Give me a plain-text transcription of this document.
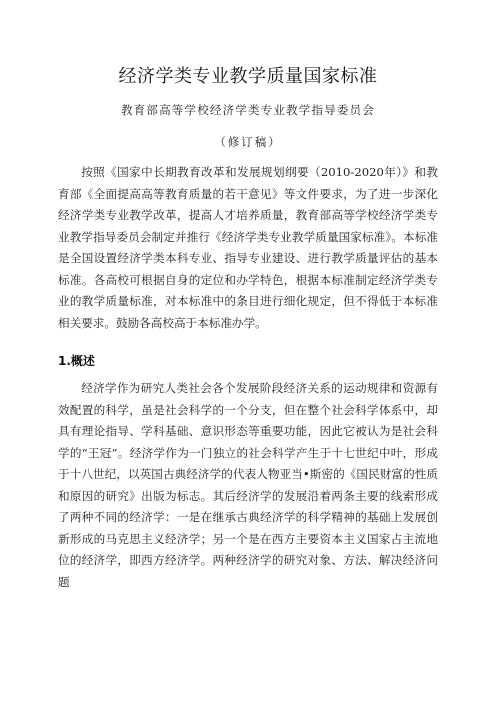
经济学类专业教学质量国家标准
教育部高等学校经济学类专业教学指导委员会
（修订稿）

按照《国家中长期教育改革和发展规划纲要（2010-2020年）》和教育部《全面提高高等教育质量的若干意见》等文件要求，为了进一步深化经济学类专业教学改革，提高人才培养质量，教育部高等学校经济学类专业教学指导委员会制定并推行《经济学类专业教学质量国家标准》。本标准是全国设置经济学类本科专业、指导专业建设、进行教学质量评估的基本标准。各高校可根据自身的定位和办学特色，根据本标准制定经济学类专业的教学质量标准，对本标准中的条目进行细化规定，但不得低于本标准相关要求。鼓励各高校高于本标准办学。

1.概述

经济学作为研究人类社会各个发展阶段经济关系的运动规律和资源有效配置的科学，虽是社会科学的一个分支，但在整个社会科学体系中，却具有理论指导、学科基础、意识形态等重要功能，因此它被认为是社会科学的“王冠”。经济学作为一门独立的社会科学产生于十七世纪中叶，形成于十八世纪，以英国古典经济学的代表人物亚当•斯密的《国民财富的性质和原因的研究》出版为标志。其后经济学的发展沿着两条主要的线索形成了两种不同的经济学：一是在继承古典经济学的科学精神的基础上发展创新形成的马克思主义经济学；另一个是在西方主要资本主义国家占主流地位的经济学，即西方经济学。两种经济学的研究对象、方法、解决经济问题
